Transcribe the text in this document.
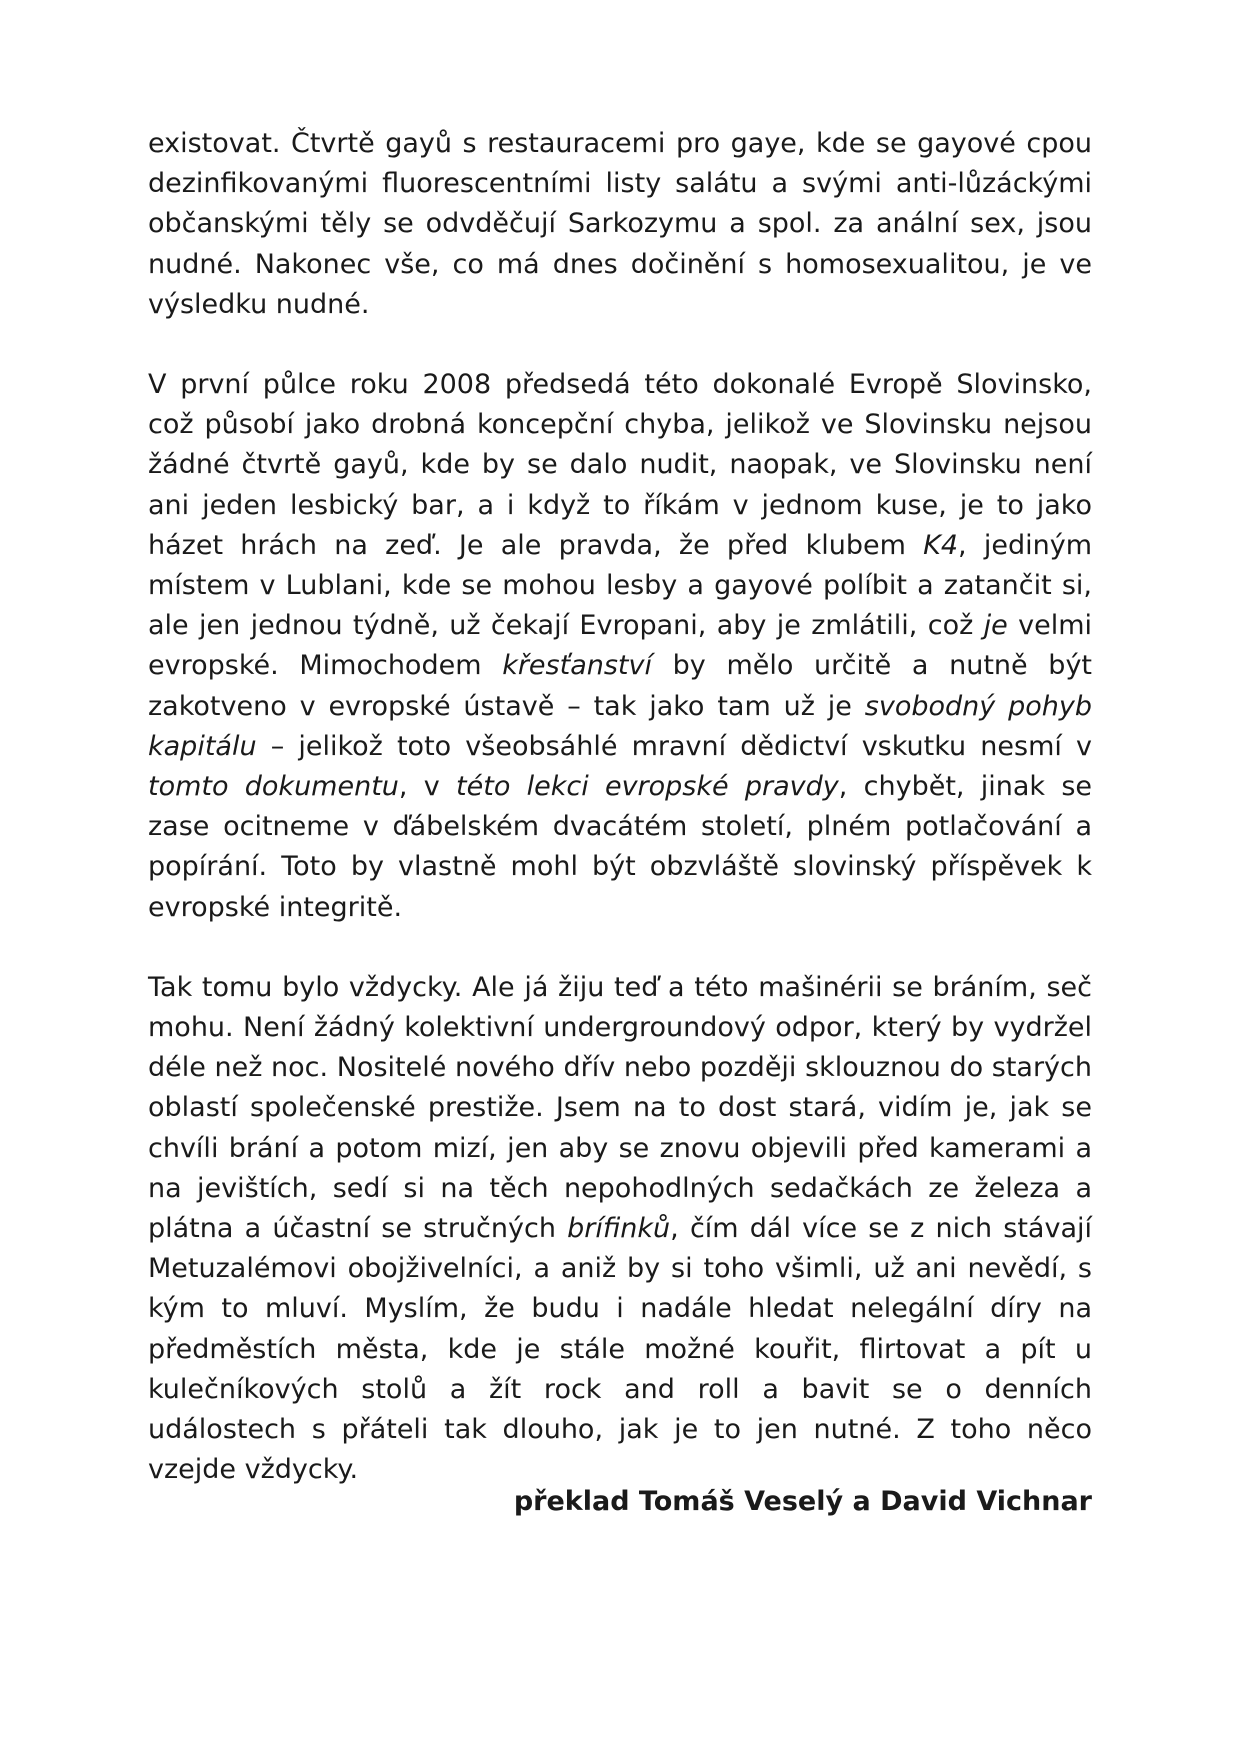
existovat. Čtvrtě gayů s restauracemi pro gaye, kde se gayové cpou dezinfikovanými fluorescentními listy salátu a svými anti-lůzáckými občanskými těly se odvděčují Sarkozymu a spol. za anální sex, jsou nudné. Nakonec vše, co má dnes dočinění s homosexualitou, je ve výsledku nudné.

V první půlce roku 2008 předsedá této dokonalé Evropě Slovinsko, což působí jako drobná koncepční chyba, jelikož ve Slovinsku nejsou žádné čtvrtě gayů, kde by se dalo nudit, naopak, ve Slovinsku není ani jeden lesbický bar, a i když to říkám v jednom kuse, je to jako házet hrách na zeď. Je ale pravda, že před klubem K4, jediným místem v Lublani, kde se mohou lesby a gayové políbit a zatančit si, ale jen jednou týdně, už čekají Evropani, aby je zmlátili, což je velmi evropské. Mimochodem křesťanství by mělo určitě a nutně být zakotveno v evropské ústavě – tak jako tam už je svobodný pohyb kapitálu – jelikož toto všeobsáhlé mravní dědictví vskutku nesmí v tomto dokumentu, v této lekci evropské pravdy, chybět, jinak se zase ocitneme v ďábelském dvacátém století, plném potlačování a popírání. Toto by vlastně mohl být obzvláště slovinský příspěvek k evropské integritě.

Tak tomu bylo vždycky. Ale já žiju teď a této mašinérii se bráním, seč mohu. Není žádný kolektivní undergroundový odpor, který by vydržel déle než noc. Nositelé nového dřív nebo později sklouznou do starých oblastí společenské prestiže. Jsem na to dost stará, vidím je, jak se chvíli brání a potom mizí, jen aby se znovu objevili před kamerami a na jevištích, sedí si na těch nepohodlných sedačkách ze železa a plátna a účastní se stručných brífinků, čím dál více se z nich stávají Metuzalémovi obojživelníci, a aniž by si toho všimli, už ani nevědí, s kým to mluví. Myslím, že budu i nadále hledat nelegální díry na předměstích města, kde je stále možné kouřit, flirtovat a pít u kulečníkových stolů a žít rock and roll a bavit se o denních událostech s přáteli tak dlouho, jak je to jen nutné. Z toho něco vzejde vždycky.

překlad Tomáš Veselý a David Vichnar
